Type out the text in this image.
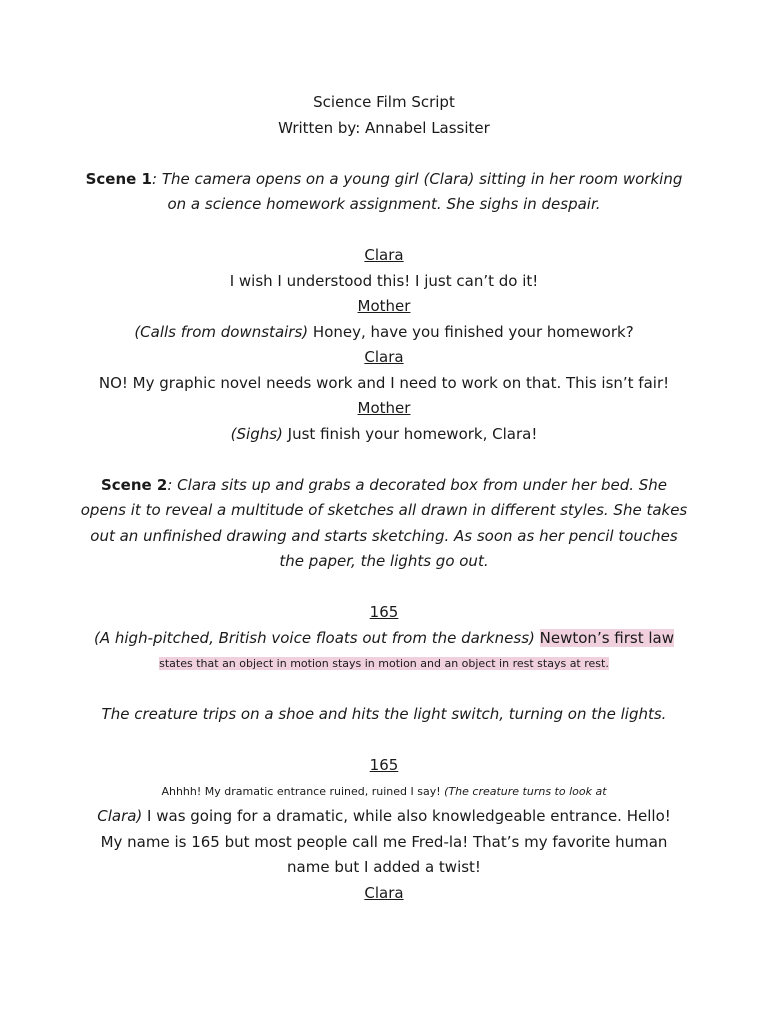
Science Film Script
Written by: Annabel Lassiter
Scene 1: The camera opens on a young girl (Clara) sitting in her room working
on a science homework assignment. She sighs in despair.
Clara
I wish I understood this! I just can’t do it!
Mother
(Calls from downstairs) Honey, have you finished your homework?
Clara
NO! My graphic novel needs work and I need to work on that. This isn’t fair!
Mother
(Sighs) Just finish your homework, Clara!
Scene 2: Clara sits up and grabs a decorated box from under her bed. She
opens it to reveal a multitude of sketches all drawn in different styles. She takes
out an unfinished drawing and starts sketching. As soon as her pencil touches
the paper, the lights go out.
165
(A high-pitched, British voice floats out from the darkness) Newton’s first law
states that an object in motion stays in motion and an object in rest stays at rest.
The creature trips on a shoe and hits the light switch, turning on the lights.
165
Ahhhh! My dramatic entrance ruined, ruined I say! (The creature turns to look at
Clara) I was going for a dramatic, while also knowledgeable entrance. Hello!
My name is 165 but most people call me Fred-la! That’s my favorite human
name but I added a twist!
Clara
